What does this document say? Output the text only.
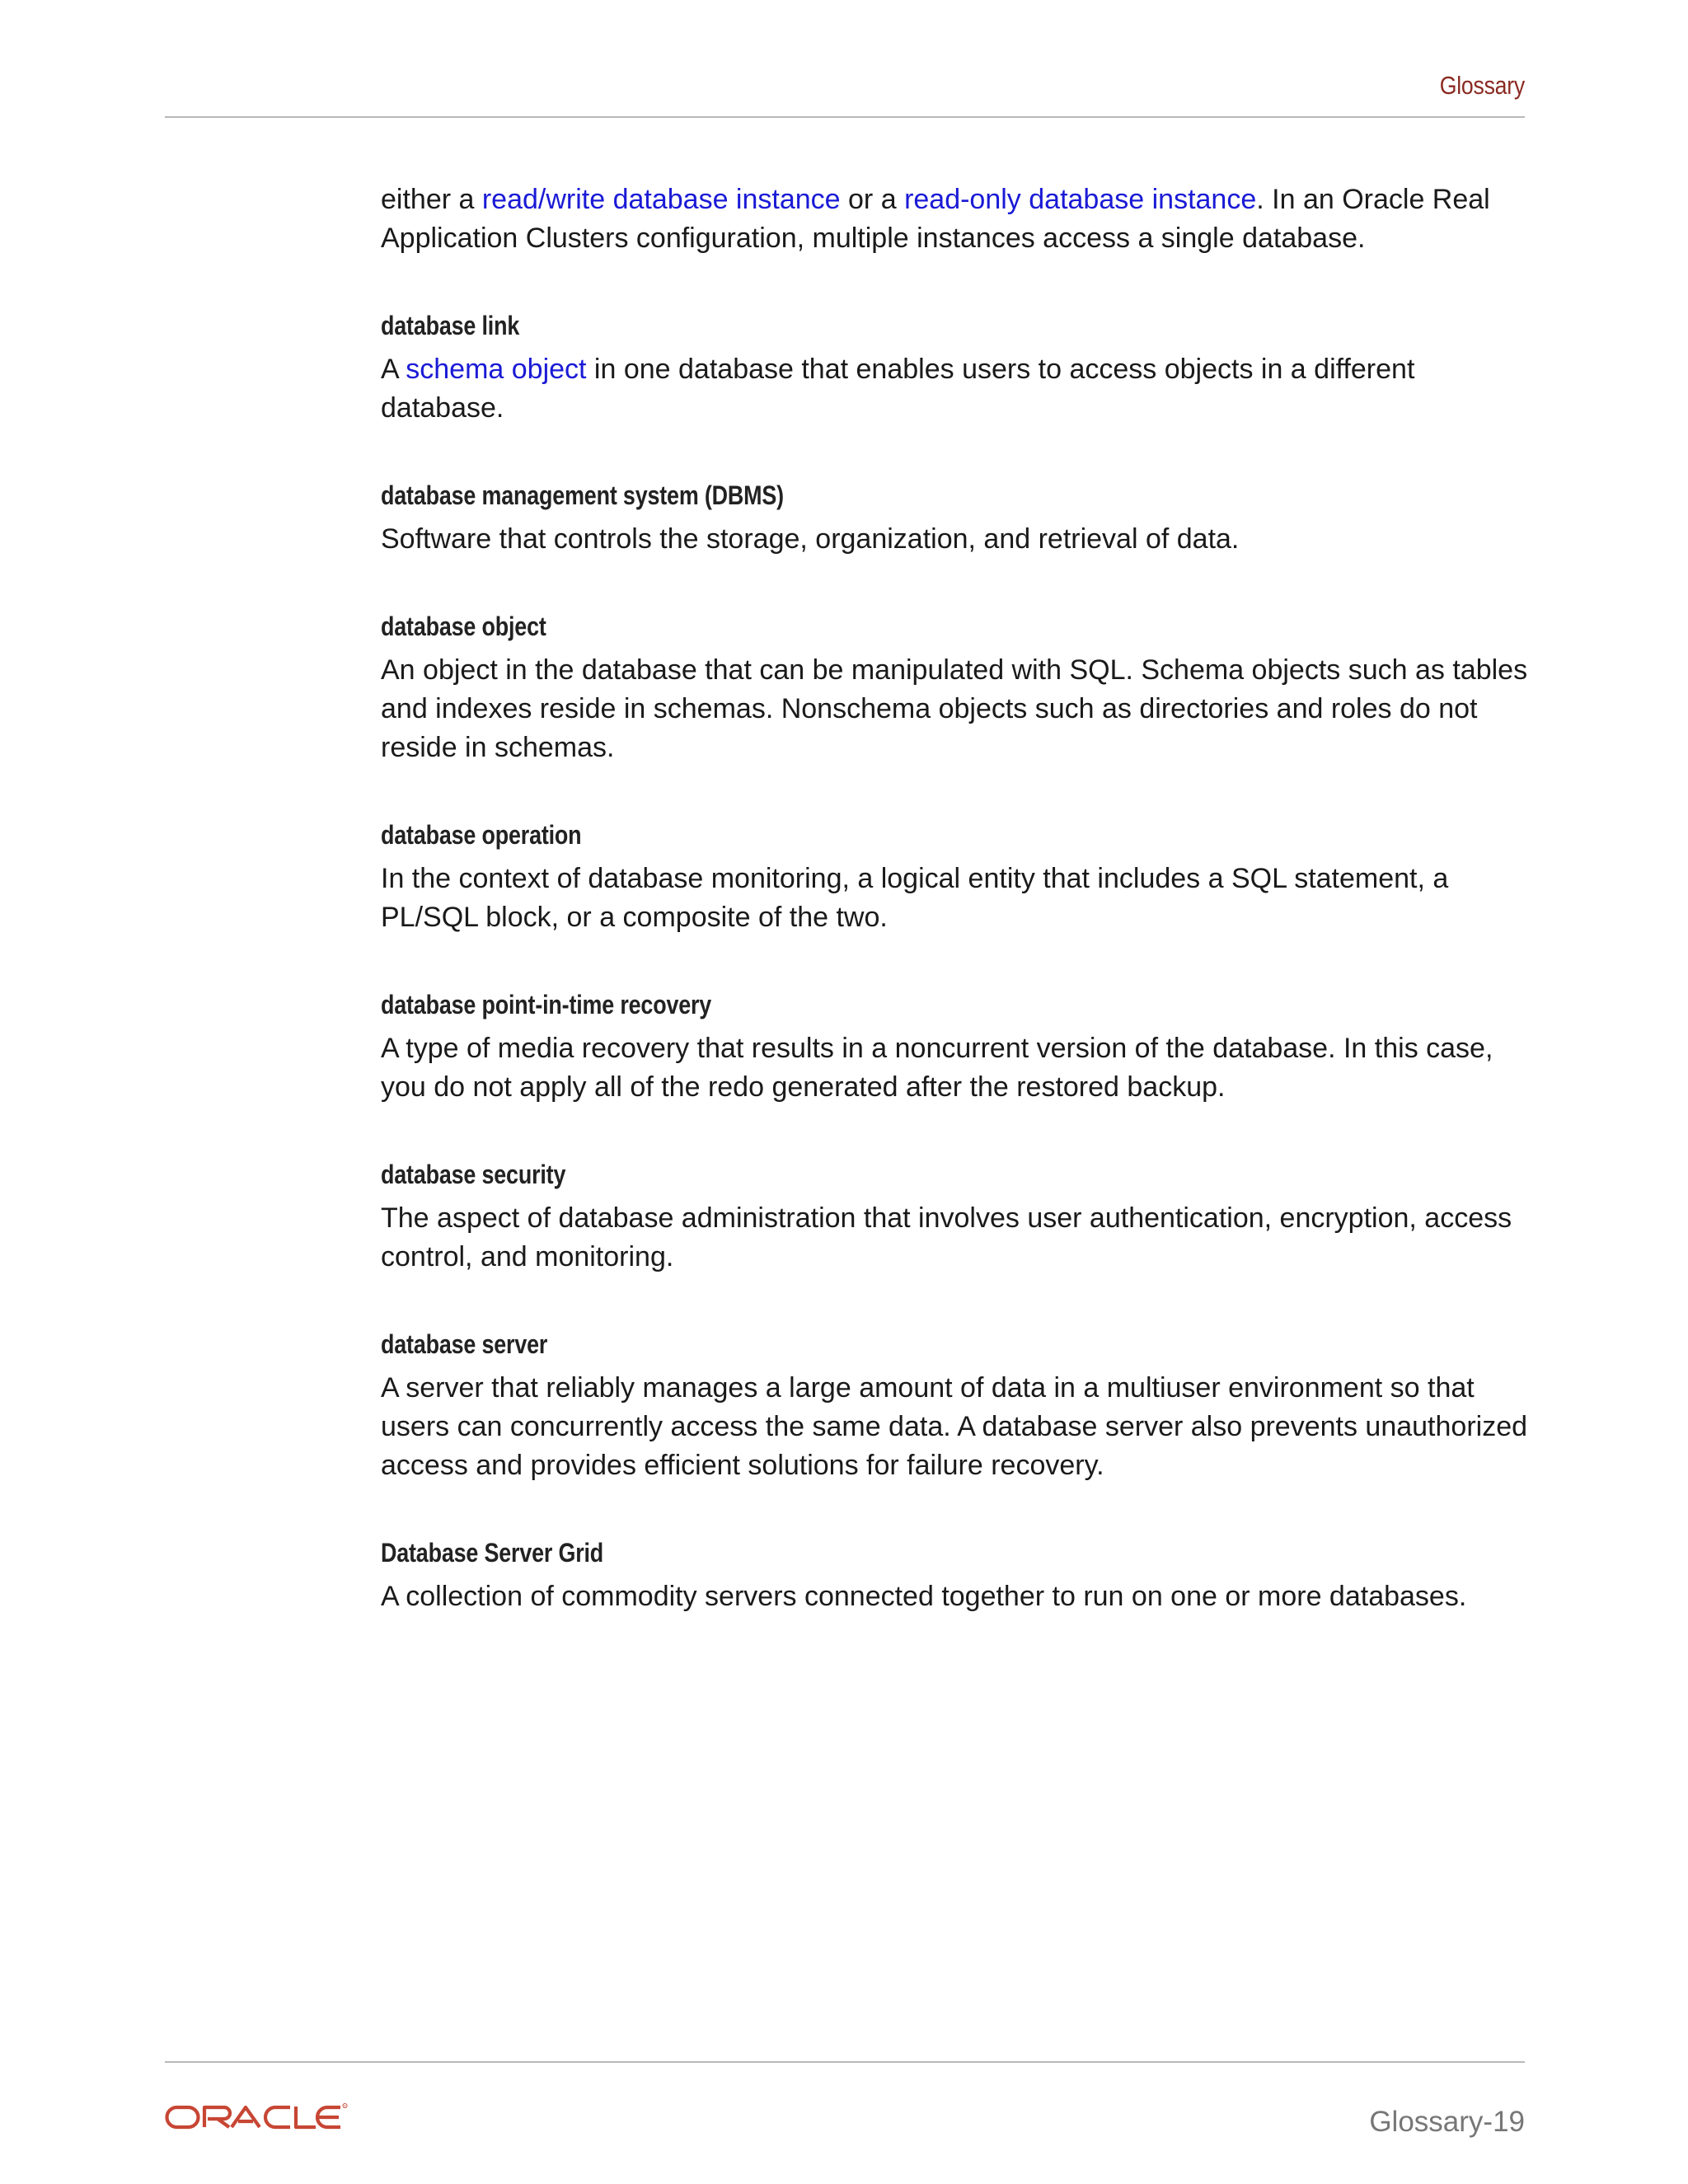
Glossary

either a read/write database instance or a read-only database instance. In an Oracle Real Application Clusters configuration, multiple instances access a single database.

database link

A schema object in one database that enables users to access objects in a different database.

database management system (DBMS)

Software that controls the storage, organization, and retrieval of data.

database object

An object in the database that can be manipulated with SQL. Schema objects such as tables and indexes reside in schemas. Nonschema objects such as directories and roles do not reside in schemas.

database operation

In the context of database monitoring, a logical entity that includes a SQL statement, a PL/SQL block, or a composite of the two.

database point-in-time recovery

A type of media recovery that results in a noncurrent version of the database. In this case, you do not apply all of the redo generated after the restored backup.

database security

The aspect of database administration that involves user authentication, encryption, access control, and monitoring.

database server

A server that reliably manages a large amount of data in a multiuser environment so that users can concurrently access the same data. A database server also prevents unauthorized access and provides efficient solutions for failure recovery.

Database Server Grid

A collection of commodity servers connected together to run on one or more databases.

R	Glossary-19
